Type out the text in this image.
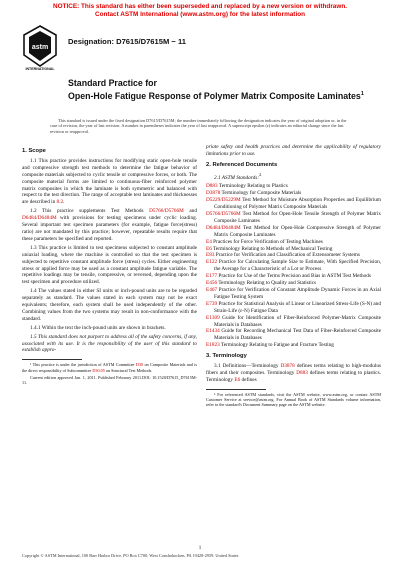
NOTICE: This standard has either been superseded and replaced by a new version or withdrawn.
Contact ASTM International (www.astm.org) for the latest information
astm
INTERNATIONAL
Designation: D7615/D7615M − 11
Standard Practice for
Open-Hole Fatigue Response of Polymer Matrix Composite Laminates$^1$
This standard is issued under the fixed designation D7615/D7615M; the number immediately following the designation indicates the year of original adoption or, in the case of revision, the year of last revision. A number in parentheses indicates the year of last reapproval. A superscript epsilon (ε) indicates an editorial change since the last revision or reapproval.
1. Scope

1.1 This practice provides instructions for modifying static open-hole tensile and compressive strength test methods to determine the fatigue behavior of composite materials subjected to cyclic tensile or compressive forces, or both. The composite material forms are limited to continuous-fiber reinforced polymer matrix composites in which the laminate is both symmetric and balanced with respect to the test direction. The range of acceptable test laminates and thicknesses are described in 8.2.

1.2 This practice supplements Test Methods D5766/D5766M and D6484/D6484M with provisions for testing specimens under cyclic loading. Several important test specimen parameters (for example, fatigue force(stress) ratio) are not mandated by this practice; however, repeatable results require that these parameters be specified and reported.

1.3 This practice is limited to test specimens subjected to constant amplitude uniaxial loading, where the machine is controlled so that the test specimen is subjected to repetitive constant amplitude force (stress) cycles. Either engineering stress or applied force may be used as a constant amplitude fatigue variable. The repetitive loadings may be tensile, compressive, or reversed, depending upon the test specimen and procedure utilized.

1.4 The values stated in either SI units or inch-pound units are to be regarded separately as standard. The values stated in each system may not be exact equivalents; therefore, each system shall be used independently of the other. Combining values from the two systems may result in non-conformance with the standard.

1.4.1 Within the text the inch-pound units are shown in brackets.

1.5 This standard does not purport to address all of the safety concerns, if any, associated with its use. It is the responsibility of the user of this standard to establish appro-

¹ This practice is under the jurisdiction of ASTM Committee D30 on Composite Materials and is the direct responsibility of Subcommittee D30.05 on Structural Test Methods.

Current edition approved Jan. 1, 2011. Published February 2011.DOI: 10.1520/D7615_D7615M-11.

priate safety and health practices and determine the applicability of regulatory limitations prior to use.

2. Referenced Documents

2.1 ASTM Standards:$^2$

D883 Terminology Relating to Plastics
D3878 Terminology for Composite Materials
D5229/D5229M Test Method for Moisture Absorption Properties and Equilibrium Conditioning of Polymer Matrix Composite Materials
D5766/D5766M Test Method for Open-Hole Tensile Strength of Polymer Matrix Composite Laminates
D6484/D6484M Test Method for Open-Hole Compressive Strength of Polymer Matrix Composite Laminates
E4 Practices for Force Verification of Testing Machines
E6 Terminology Relating to Methods of Mechanical Testing
E83 Practice for Verification and Classification of Extensometer Systems
E122 Practice for Calculating Sample Size to Estimate, With Specified Precision, the Average for a Characteristic of a Lot or Process
E177 Practice for Use of the Terms Precision and Bias in ASTM Test Methods
E456 Terminology Relating to Quality and Statistics
E467 Practice for Verification of Constant Amplitude Dynamic Forces in an Axial Fatigue Testing System
E739 Practice for Statistical Analysis of Linear or Linearized Stress-Life (S-N) and Strain-Life (ε-N) Fatigue Data
E1309 Guide for Identification of Fiber-Reinforced Polymer-Matrix Composite Materials in Databases
E1434 Guide for Recording Mechanical Test Data of Fiber-Reinforced Composite Materials in Databases
E1823 Terminology Relating to Fatigue and Fracture Testing
3. Terminology

3.1 Definitions—Terminology D3878 defines terms relating to high-modulus fibers and their composites. Terminology D883 defines terms relating to plastics. Terminology E6 defines

² For referenced ASTM standards, visit the ASTM website, www.astm.org, or contact ASTM Customer Service at service@astm.org. For Annual Book of ASTM Standards volume information, refer to the standard's Document Summary page on the ASTM website.

1
Copyright © ASTM International, 100 Barr Harbor Drive, PO Box C700, West Conshohocken, PA 19428-2959. United States
